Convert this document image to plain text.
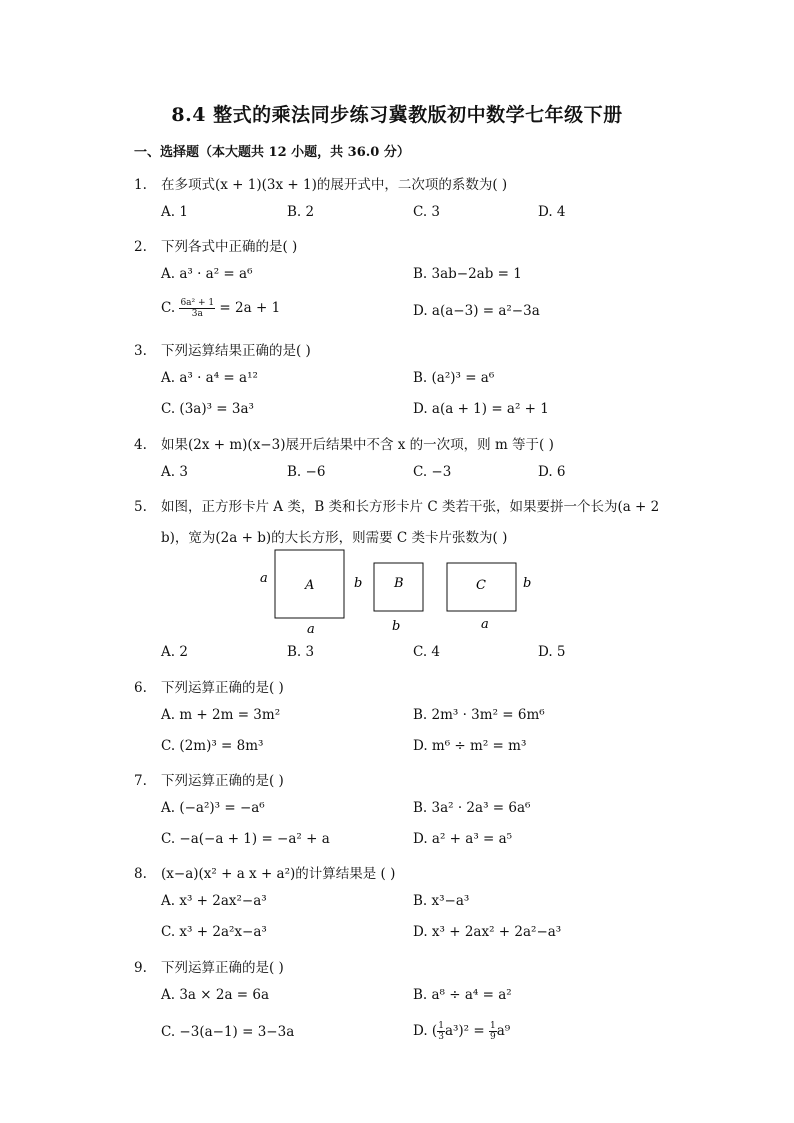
8.4 整式的乘法同步练习冀教版初中数学七年级下册
一、选择题（本大题共 12 小题，共 36.0 分）
1. 在多项式(x + 1)(3x + 1)的展开式中，二次项的系数为( )
A. 1	B. 2	C. 3	D. 4
2. 下列各式中正确的是( )
A. a³ · a² = a⁶	B. 3ab−2ab = 1
C. $\frac{\text{6a² + 1}}{3a} = 2a + 1$	D. a(a−3) = a²−3a
3. 下列运算结果正确的是( )
A. a³ · a⁴ = a¹²	B. (a²)³ = a⁶
C. (3a)³ = 3a³	D. a(a + 1) = a² + 1
4. 如果(2x + m)(x−3)展开后结果中不含 x 的一次项，则 m 等于( )
A. 3	B. −6	C. −3	D. 6
5. 如图，正方形卡片 A 类，B 类和长方形卡片 C 类若干张，如果要拼一个长为(a + 2
b)，宽为(2a + b)的大长方形，则需要 C 类卡片张数为( )
A
a	b
a
B
b
C	b
a
A. 2	B. 3	C. 4	D. 5
6. 下列运算正确的是( )
A. m + 2m = 3m²	B. 2m³ · 3m² = 6m⁶
C. (2m)³ = 8m³	D. m⁶ ÷ m² = m³
7. 下列运算正确的是( )
A. (−a²)³ = −a⁶	B. 3a² · 2a³ = 6a⁶
C. −a(−a + 1) = −a² + a	D. a² + a³ = a⁵
8. (x−a)(x² + a x + a²)的计算结果是 ( )
A. x³ + 2ax²−a³	B. x³−a³
C. x³ + 2a²x−a³	D. x³ + 2ax² + 2a²−a³
9. 下列运算正确的是( )
A. 3a × 2a = 6a	B. a⁸ ÷ a⁴ = a²
C. −3(a−1) = 3−3a	D. ( $\frac{1}{3} a^3)^2 = \frac{1}{9} a^9$
